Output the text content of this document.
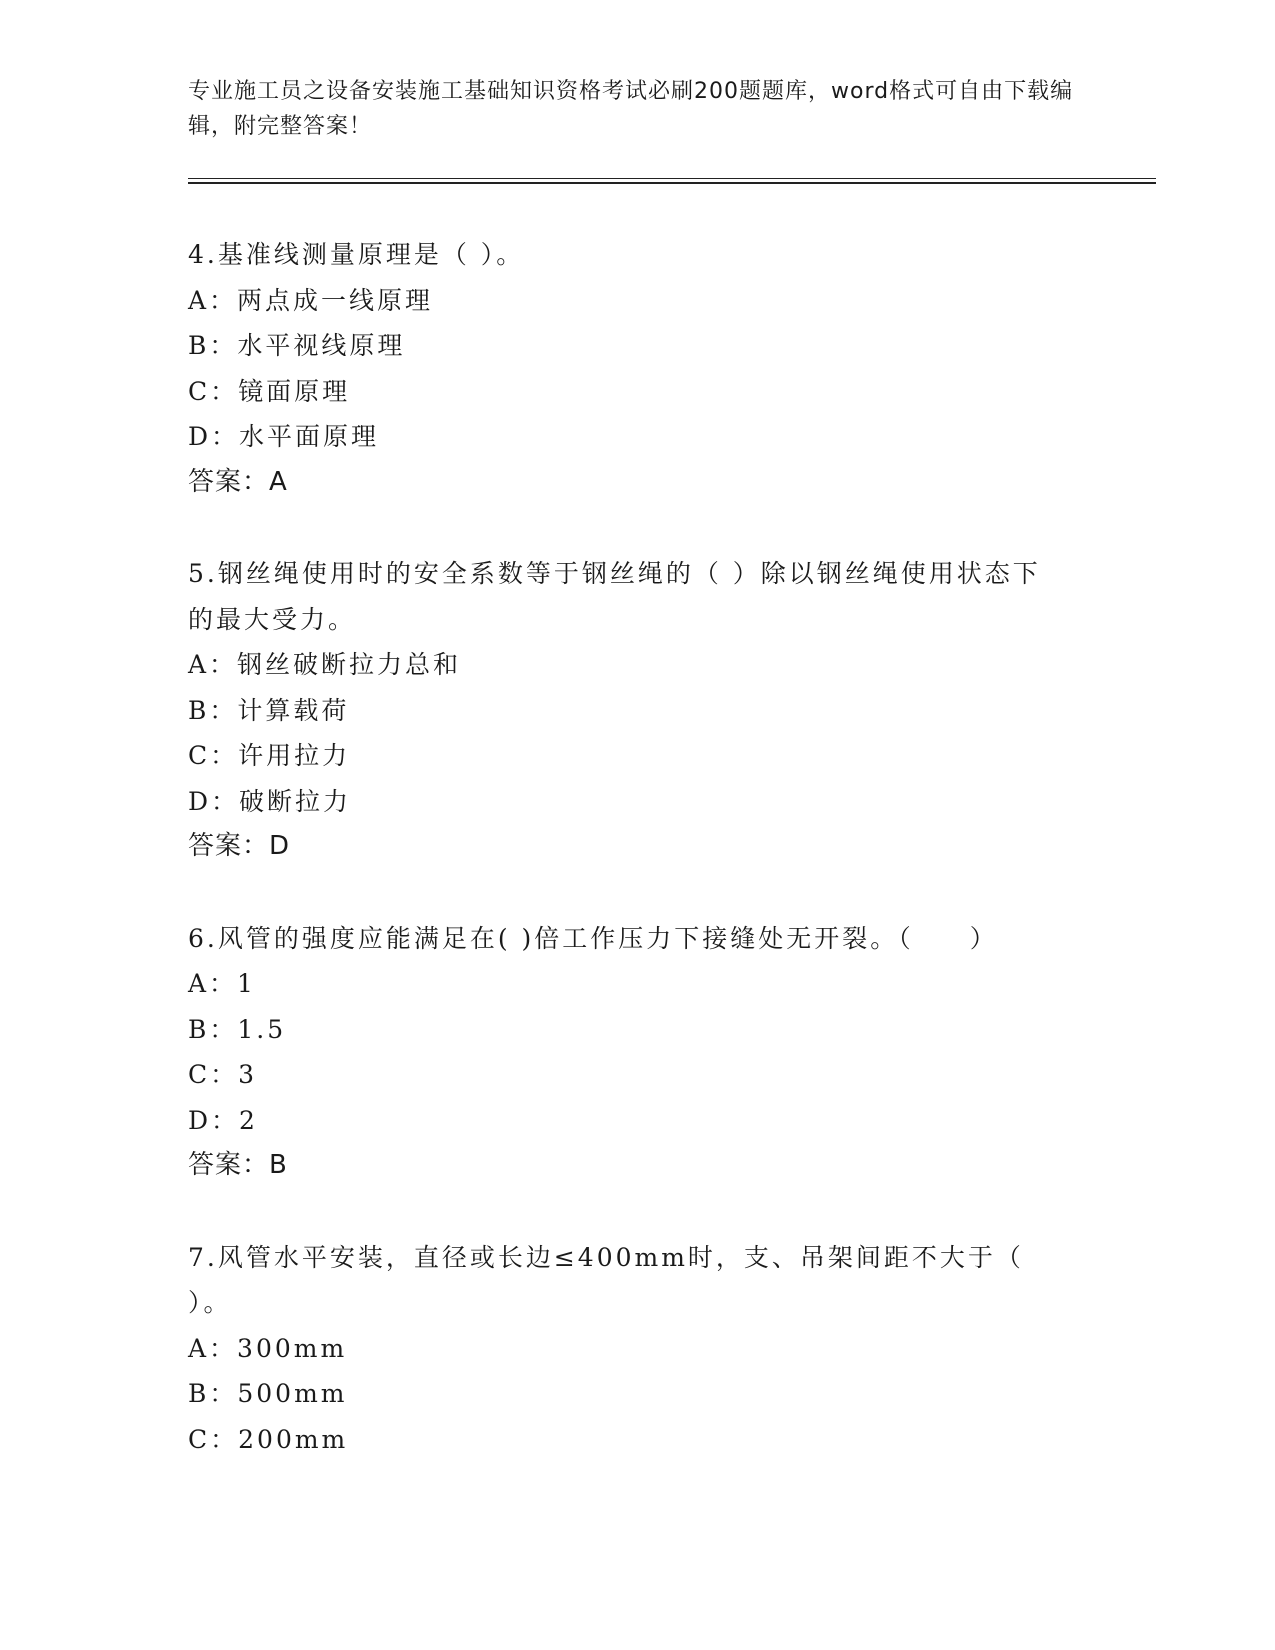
专业施工员之设备安装施工基础知识资格考试必刷200题题库，word格式可自由下载编辑，附完整答案！
4.基准线测量原理是（ ）。
A：两点成一线原理
B：水平视线原理
C：镜面原理
D：水平面原理
答案：A
5.钢丝绳使用时的安全系数等于钢丝绳的（ ）除以钢丝绳使用状态下的最大受力。
A：钢丝破断拉力总和
B：计算载荷
C：许用拉力
D：破断拉力
答案：D
6.风管的强度应能满足在( )倍工作压力下接缝处无开裂。（　　）
A：1
B：1.5
C：3
D：2
答案：B
7.风管水平安装，直径或长边≤400mm时，支、吊架间距不大于（ ）。
A：300mm
B：500mm
C：200mm
